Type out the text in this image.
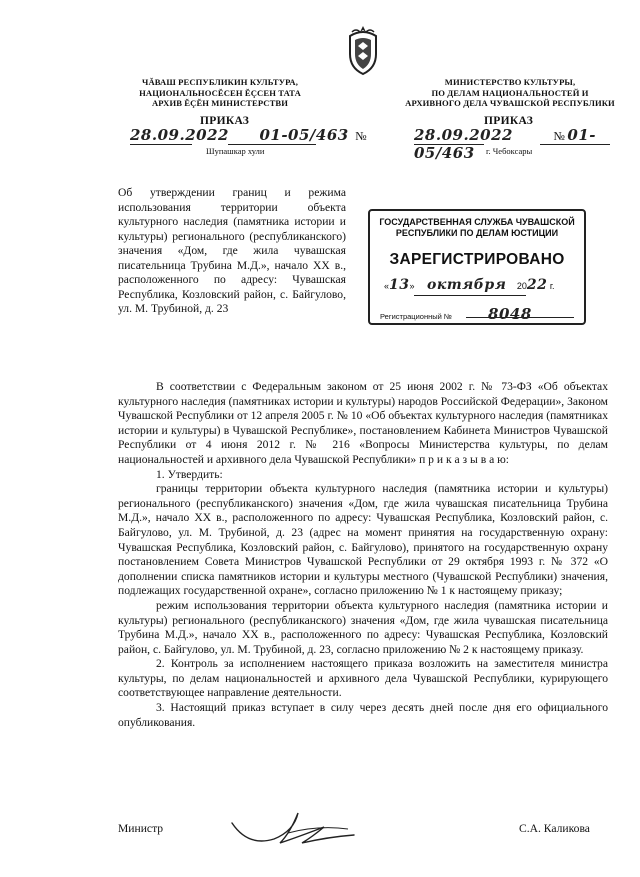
ЧĂВАШ РЕСПУБЛИКИН КУЛЬТУРА,
НАЦИОНАЛЬНОСĔСЕН ĔÇСЕН ТАТА
АРХИВ ĔÇĔН МИНИСТЕРСТВИ
МИНИСТЕРСТВО КУЛЬТУРЫ,
ПО ДЕЛАМ НАЦИОНАЛЬНОСТЕЙ И
АРХИВНОГО ДЕЛА ЧУВАШСКОЙ РЕСПУБЛИКИ
ПРИКАЗ
28.09.2022 01-05/463 №
Шупашкар хули
ПРИКАЗ
28.09.2022	№ 01-05/463	г. Чебоксары
Об утверждении границ и режима использования территории объекта культурного наследия (памятника истории и культуры) регионального (республиканского) значения «Дом, где жила чувашская писательница Трубина М.Д.», начало XX в., расположенного по адресу: Чувашская Республика, Козловский район, с. Байгулово, ул. М. Трубиной, д. 23
ГОСУДАРСТВЕННАЯ СЛУЖБА ЧУВАШСКОЙ
РЕСПУБЛИКИ ПО ДЕЛАМ ЮСТИЦИИ
ЗАРЕГИСТРИРОВАНО
«13» октября 2022 г.
Регистрационный № 8048

В соответствии с Федеральным законом от 25 июня 2002 г. № 73-ФЗ «Об объектах культурного наследия (памятниках истории и культуры) народов Российской Федерации», Законом Чувашской Республики от 12 апреля 2005 г. № 10 «Об объектах культурного наследия (памятниках истории и культуры) в Чувашской Республике», постановлением Кабинета Министров Чувашской Республики от 4 июня 2012 г. № 216 «Вопросы Министерства культуры, по делам национальностей и архивного дела Чувашской Республики» п р и к а з ы в а ю:

1. Утвердить:

границы территории объекта культурного наследия (памятника истории и культуры) регионального (республиканского) значения «Дом, где жила чувашская писательница Трубина М.Д.», начало XX в., расположенного по адресу: Чувашская Республика, Козловский район, с. Байгулово, ул. М. Трубиной, д. 23 (адрес на момент принятия на государственную охрану: Чувашская Республика, Козловский район, с. Байгулово), принятого на государственную охрану постановлением Совета Министров Чувашской Республики от 29 октября 1993 г. № 372 «О дополнении списка памятников истории и культуры местного (Чувашской Республики) значения, подлежащих государственной охране», согласно приложению № 1 к настоящему приказу;

режим использования территории объекта культурного наследия (памятника истории и культуры) регионального (республиканского) значения «Дом, где жила чувашская писательница Трубина М.Д.», начало XX в., расположенного по адресу: Чувашская Республика, Козловский район, с. Байгулово, ул. М. Трубиной, д. 23, согласно приложению № 2 к настоящему приказу.

2. Контроль за исполнением настоящего приказа возложить на заместителя министра культуры, по делам национальностей и архивного дела Чувашской Республики, курирующего соответствующее направление деятельности.

3. Настоящий приказ вступает в силу через десять дней после дня его официального опубликования.

Министр	С.А. Каликова
